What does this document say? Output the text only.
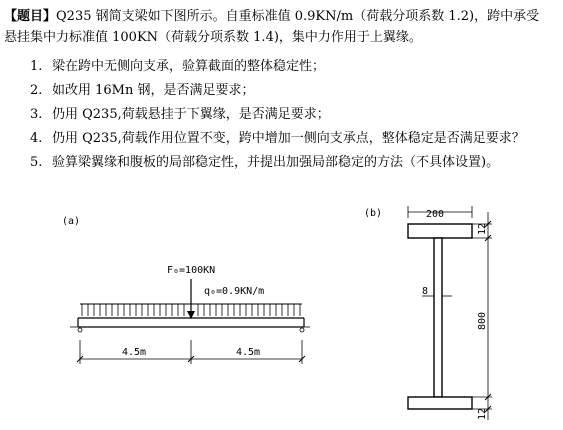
【题目】Q235 钢简支梁如下图所示。自重标准值 0.9KN/m（荷载分项系数 1.2)，跨中承受
悬挂集中力标准值 100KN（荷载分项系数 1.4)，集中力作用于上翼缘。
1. 梁在跨中无侧向支承，验算截面的整体稳定性；
2. 如改用 16Mn 钢，是否满足要求；
3. 仍用 Q235,荷载悬挂于下翼缘，是否满足要求；
4. 仍用 Q235,荷载作用位置不变，跨中增加一侧向支承点，整体稳定是否满足要求？
5. 验算梁翼缘和腹板的局部稳定性，并提出加强局部稳定的方法（不具体设置)。
(a)
F₀=100KN
q₀=0.9KN/m
4.5m	4.5m
(b)	200
8
12
800
12
